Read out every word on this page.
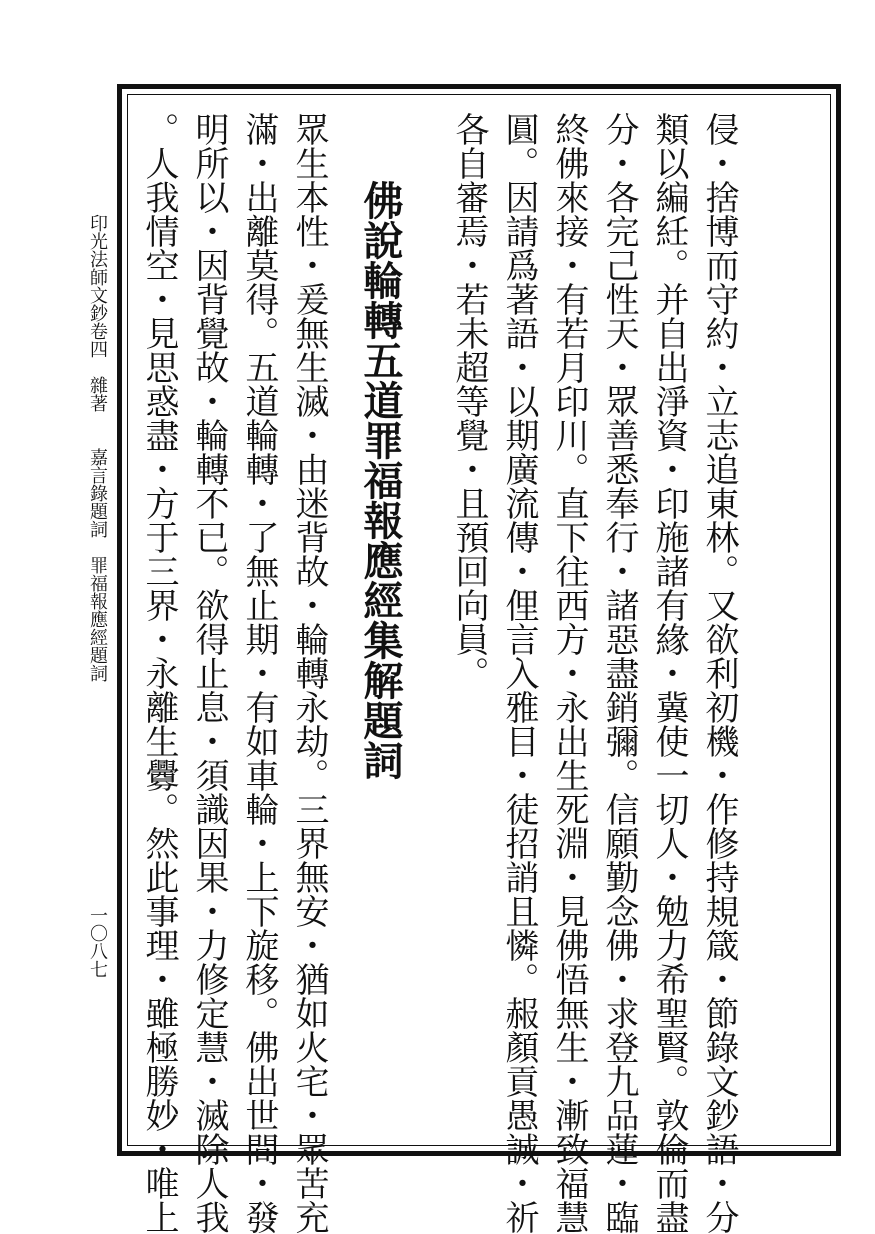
侵・捨博而守約・立志追東林。又欲利初機・作修持規箴・節錄文鈔語・分
類以編紝。并自出淨資・印施諸有緣・冀使一切人・勉力希聖賢。敦倫而盡
分・各完己性天・眾善悉奉行・諸惡盡銷彌。信願勤念佛・求登九品蓮・臨
終佛來接・有若月印川。直下往西方・永出生死淵・見佛悟無生・漸致福慧
圓。因請爲著語・以期廣流傳・俚言入雅目・徒招誚且憐。赧顏貢愚誠・祈
各自審焉・若未超等覺・且預回向員。
佛說輪轉五道罪福報應經集解題詞
眾生本性・爰無生滅・由迷背故・輪轉永劫。三界無安・猶如火宅・眾苦充
滿・出離莫得。五道輪轉・了無止期・有如車輪・上下旋移。佛出世間・發
明所以・因背覺故・輪轉不已。欲得止息・須識因果・力修定慧・滅除人我
。人我情空・見思惑盡・方于三界・永離生釁。然此事理・雖極勝妙・唯上
印光法師文鈔卷四　雜著　　嘉言錄題詞　罪福報應經題詞
一〇八七
